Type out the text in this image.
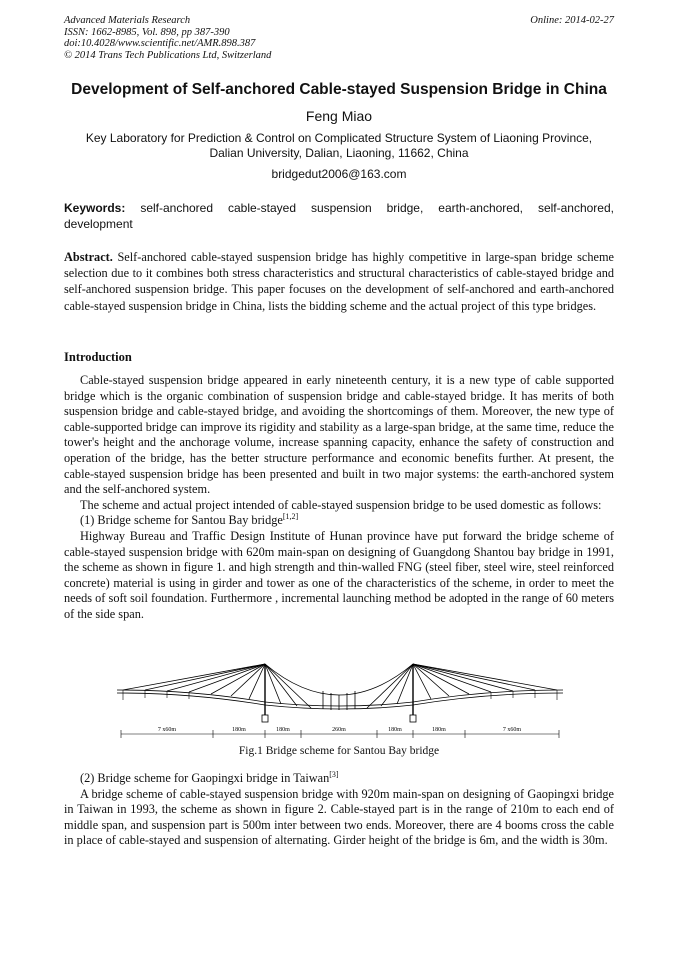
Advanced Materials Research
ISSN: 1662-8985, Vol. 898, pp 387-390
doi:10.4028/www.scientific.net/AMR.898.387
© 2014 Trans Tech Publications Ltd, Switzerland
Online: 2014-02-27
Development of Self-anchored Cable-stayed Suspension Bridge in China
Feng Miao
Key Laboratory for Prediction & Control on Complicated Structure System of Liaoning Province,
Dalian University, Dalian, Liaoning, 11662, China
bridgedut2006@163.com
Keywords: self-anchored cable-stayed suspension bridge, earth-anchored, self-anchored, development
Abstract. Self-anchored cable-stayed suspension bridge has highly competitive in large-span bridge scheme selection due to it combines both stress characteristics and structural characteristics of cable-stayed bridge and self-anchored suspension bridge. This paper focuses on the development of self-anchored and earth-anchored cable-stayed suspension bridge in China, lists the bidding scheme and the actual project of this type bridges.
Introduction

Cable-stayed suspension bridge appeared in early nineteenth century, it is a new type of cable supported bridge which is the organic combination of suspension bridge and cable-stayed bridge. It has merits of both suspension bridge and cable-stayed bridge, and avoiding the shortcomings of them. Moreover, the new type of cable-supported bridge can improve its rigidity and stability as a large-span bridge, at the same time, reduce the tower's height and the anchorage volume, increase spanning capacity, enhance the safety of construction and operation of the bridge, has the better structure performance and economic benefits further. At present, the cable-stayed suspension bridge has been presented and built in two major systems: the earth-anchored system and the self-anchored system.

The scheme and actual project intended of cable-stayed suspension bridge to be used domestic as follows:

(1) Bridge scheme for Santou Bay bridge[1,2]

Highway Bureau and Traffic Design Institute of Hunan province have put forward the bridge scheme of cable-stayed suspension bridge with 620m main-span on designing of Guangdong Shantou bay bridge in 1991, the scheme as shown in figure 1. and high strength and thin-walled FNG (steel fiber, steel wire, steel reinforced concrete) material is using in girder and tower as one of the characteristics of the scheme, in order to meet the needs of soft soil foundation. Furthermore , incremental launching method be adopted in the range of 60 meters of the side span.

7 x60m	180m	180m	260m	180m	180m	7 x60m
Fig.1 Bridge scheme for Santou Bay bridge

(2) Bridge scheme for Gaopingxi bridge in Taiwan[3]

A bridge scheme of cable-stayed suspension bridge with 920m main-span on designing of Gaopingxi bridge in Taiwan in 1993, the scheme as shown in figure 2. Cable-stayed part is in the range of 210m to each end of middle span, and suspension part is 500m inter between two ends. Moreover, there are 4 booms cross the cable in place of cable-stayed and suspension of alternating. Girder height of the bridge is 6m, and the width is 30m.
